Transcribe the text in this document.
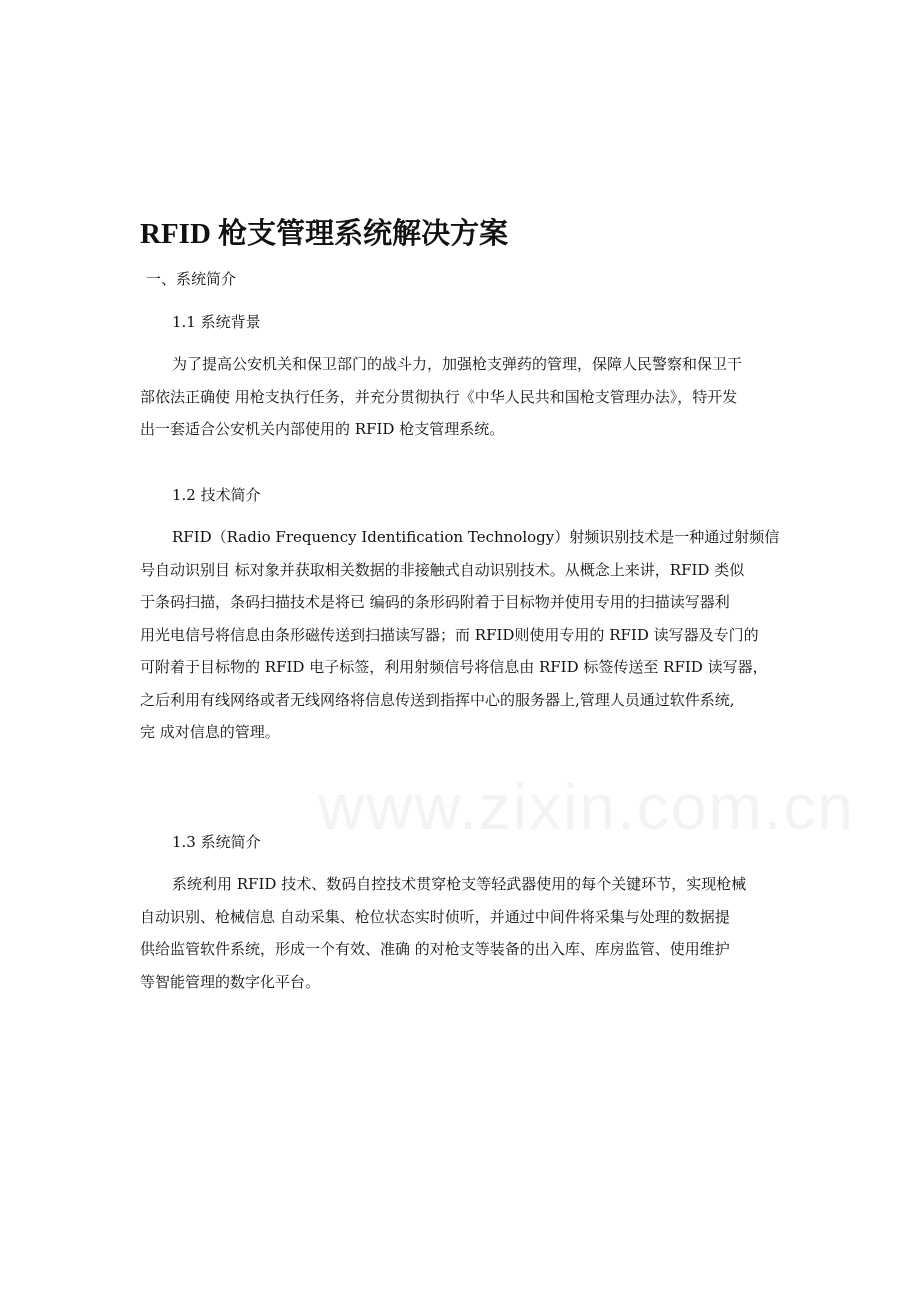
RFID 枪支管理系统解决方案
一、系统简介
1.1 系统背景
为了提高公安机关和保卫部门的战斗力，加强枪支弹药的管理，保障人民警察和保卫干
部依法正确使 用枪支执行任务，并充分贯彻执行《中华人民共和国枪支管理办法》，特开发
出一套适合公安机关内部使用的 RFID 枪支管理系统。
1.2 技术简介
RFID（Radio Frequency Identification Technology）射频识别技术是一种通过射频信
号自动识别目 标对象并获取相关数据的非接触式自动识别技术。从概念上来讲，RFID 类似
于条码扫描，条码扫描技术是将已 编码的条形码附着于目标物并使用专用的扫描读写器利
用光电信号将信息由条形磁传送到扫描读写器；而 RFID则使用专用的 RFID 读写器及专门的
可附着于目标物的 RFID 电子标签，利用射频信号将信息由 RFID 标签传送至 RFID 读写器，
之后利用有线网络或者无线网络将信息传送到指挥中心的服务器上,管理人员通过软件系统,
完 成对信息的管理。
1.3 系统简介
系统利用 RFID 技术、数码自控技术贯穿枪支等轻武器使用的每个关键环节，实现枪械
自动识别、枪械信息 自动采集、枪位状态实时侦听，并通过中间件将采集与处理的数据提
供给监管软件系统，形成一个有效、准确 的对枪支等装备的出入库、库房监管、使用维护
等智能管理的数字化平台。
www.zixin.com.cn
